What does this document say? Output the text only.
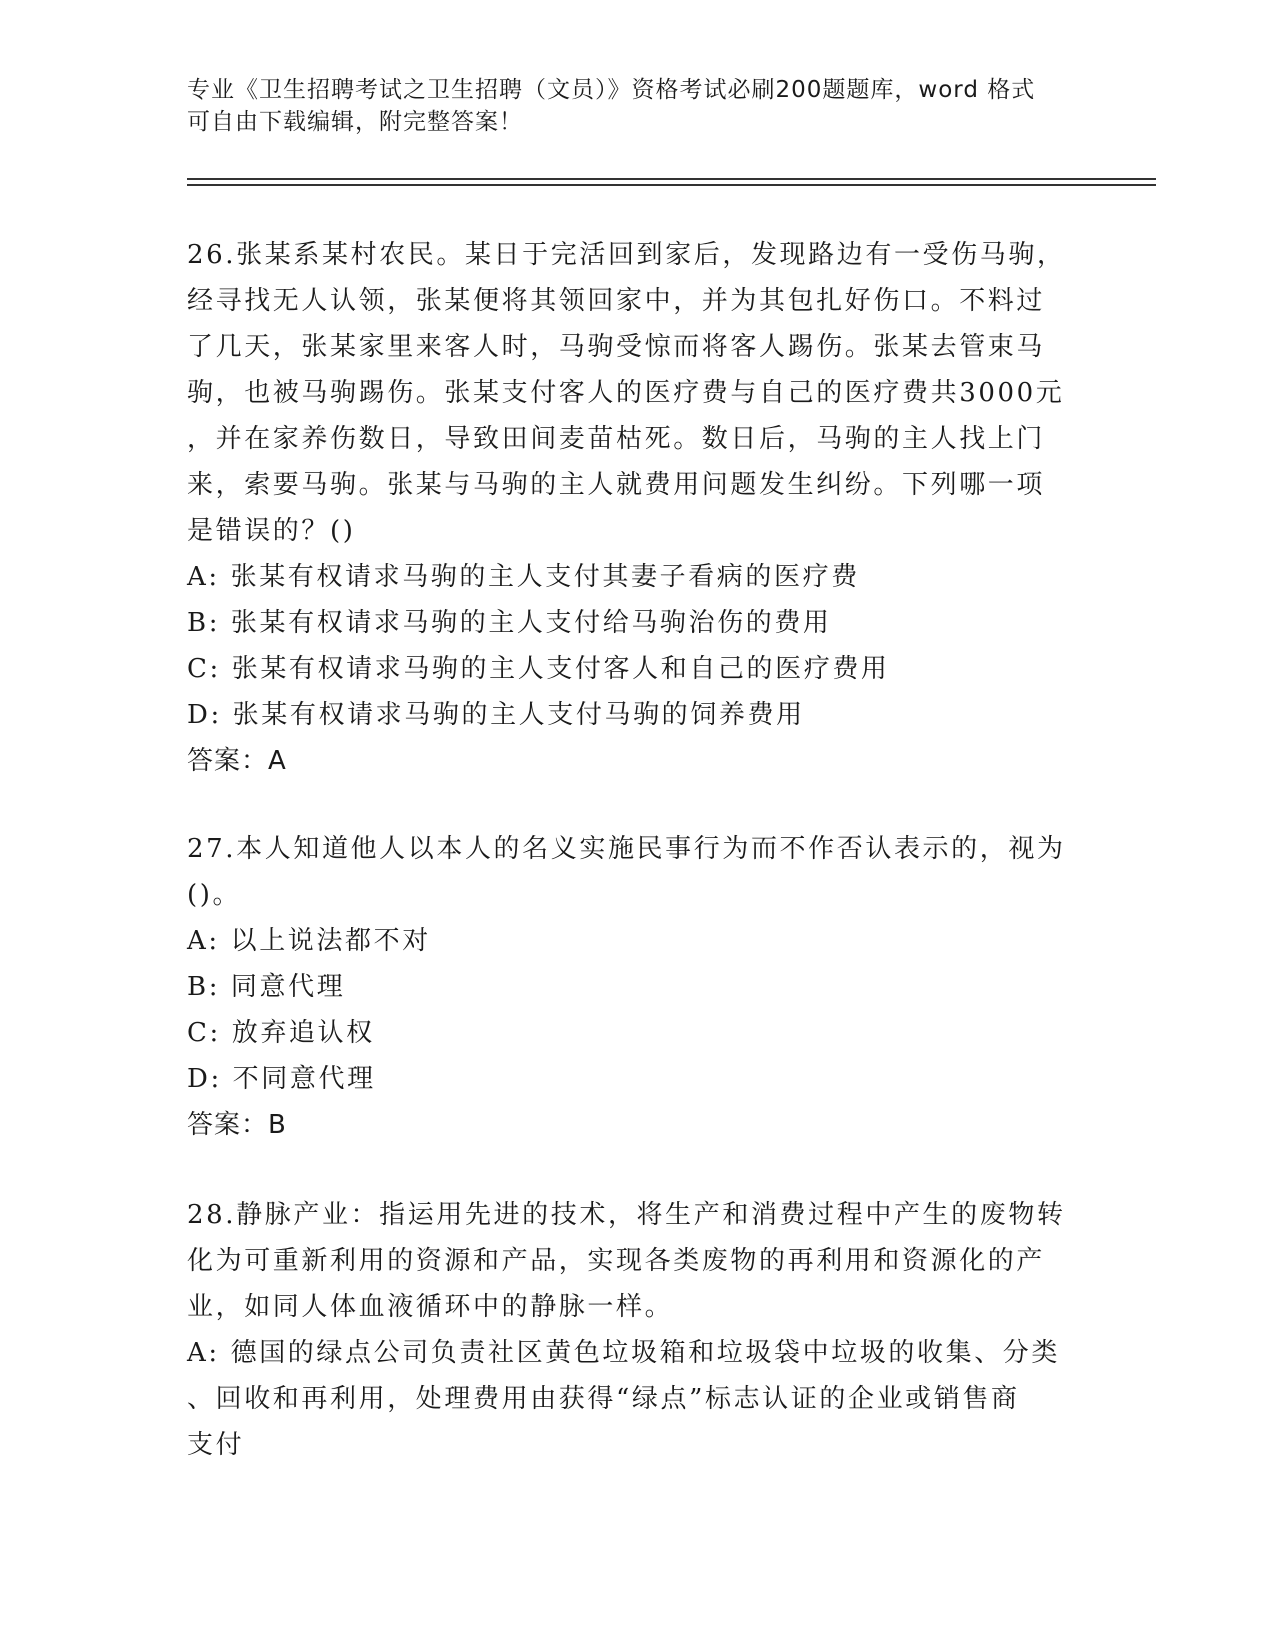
专业《卫生招聘考试之卫生招聘（文员）》资格考试必刷200题题库，word 格式
可自由下载编辑，附完整答案！
26.张某系某村农民。某日于完活回到家后，发现路边有一受伤马驹，
经寻找无人认领，张某便将其领回家中，并为其包扎好伤口。不料过
了几天，张某家里来客人时，马驹受惊而将客人踢伤。张某去管束马
驹，也被马驹踢伤。张某支付客人的医疗费与自己的医疗费共3000元
，并在家养伤数日，导致田间麦苗枯死。数日后，马驹的主人找上门
来，索要马驹。张某与马驹的主人就费用问题发生纠纷。下列哪一项
是错误的？()
A: 张某有权请求马驹的主人支付其妻子看病的医疗费
B: 张某有权请求马驹的主人支付给马驹治伤的费用
C: 张某有权请求马驹的主人支付客人和自己的医疗费用
D: 张某有权请求马驹的主人支付马驹的饲养费用
答案：A
27.本人知道他人以本人的名义实施民事行为而不作否认表示的，视为
()。
A: 以上说法都不对
B: 同意代理
C: 放弃追认权
D: 不同意代理
答案：B
28.静脉产业：指运用先进的技术，将生产和消费过程中产生的废物转
化为可重新利用的资源和产品，实现各类废物的再利用和资源化的产
业，如同人体血液循环中的静脉一样。
A: 德国的绿点公司负责社区黄色垃圾箱和垃圾袋中垃圾的收集、分类
、回收和再利用，处理费用由获得“绿点”标志认证的企业或销售商
支付
